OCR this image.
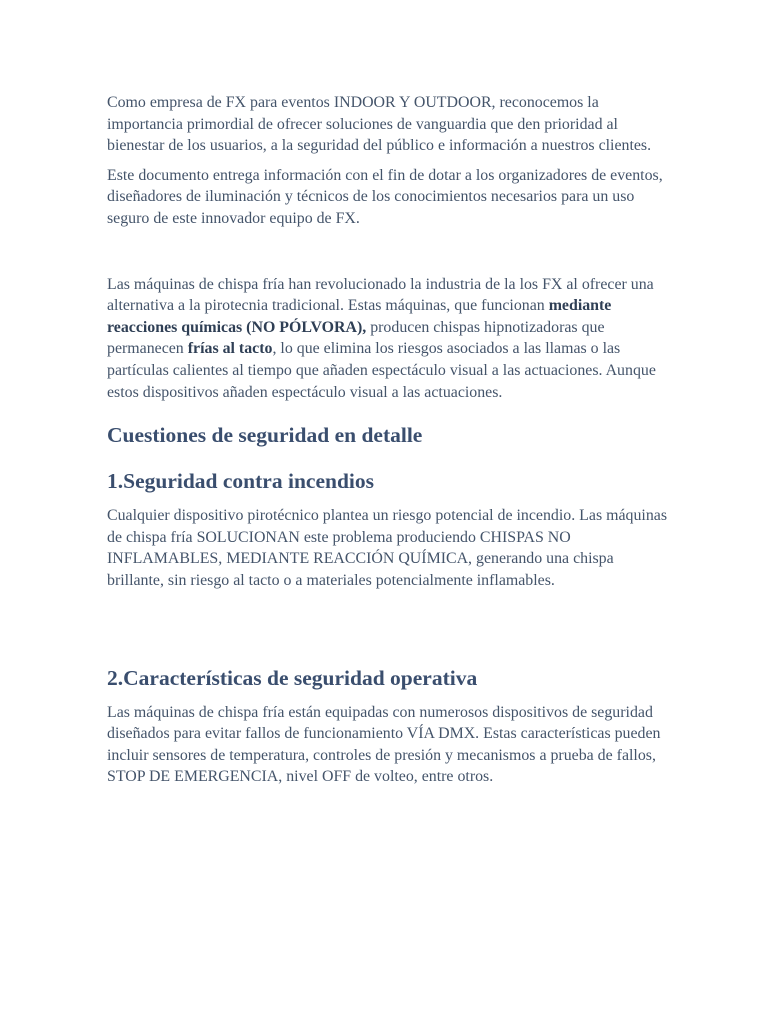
Como empresa de FX para eventos INDOOR Y OUTDOOR, reconocemos la importancia primordial de ofrecer soluciones de vanguardia que den prioridad al bienestar de los usuarios, a la seguridad del público e información a nuestros clientes.

Este documento entrega información con el fin de dotar a los organizadores de eventos, diseñadores de iluminación y técnicos de los conocimientos necesarios para un uso seguro de este innovador equipo de FX.

Las máquinas de chispa fría han revolucionado la industria de la los FX al ofrecer una alternativa a la pirotecnia tradicional. Estas máquinas, que funcionan mediante reacciones químicas (NO PÓLVORA), producen chispas hipnotizadoras que permanecen frías al tacto, lo que elimina los riesgos asociados a las llamas o las partículas calientes al tiempo que añaden espectáculo visual a las actuaciones. Aunque estos dispositivos añaden espectáculo visual a las actuaciones.

Cuestiones de seguridad en detalle
1.Seguridad contra incendios

Cualquier dispositivo pirotécnico plantea un riesgo potencial de incendio. Las máquinas de chispa fría SOLUCIONAN este problema produciendo CHISPAS NO INFLAMABLES, MEDIANTE REACCIÓN QUÍMICA, generando una chispa brillante, sin riesgo al tacto o a materiales potencialmente inflamables.

2.Características de seguridad operativa

Las máquinas de chispa fría están equipadas con numerosos dispositivos de seguridad diseñados para evitar fallos de funcionamiento VÍA DMX. Estas características pueden incluir sensores de temperatura, controles de presión y mecanismos a prueba de fallos, STOP DE EMERGENCIA, nivel OFF de volteo, entre otros.
